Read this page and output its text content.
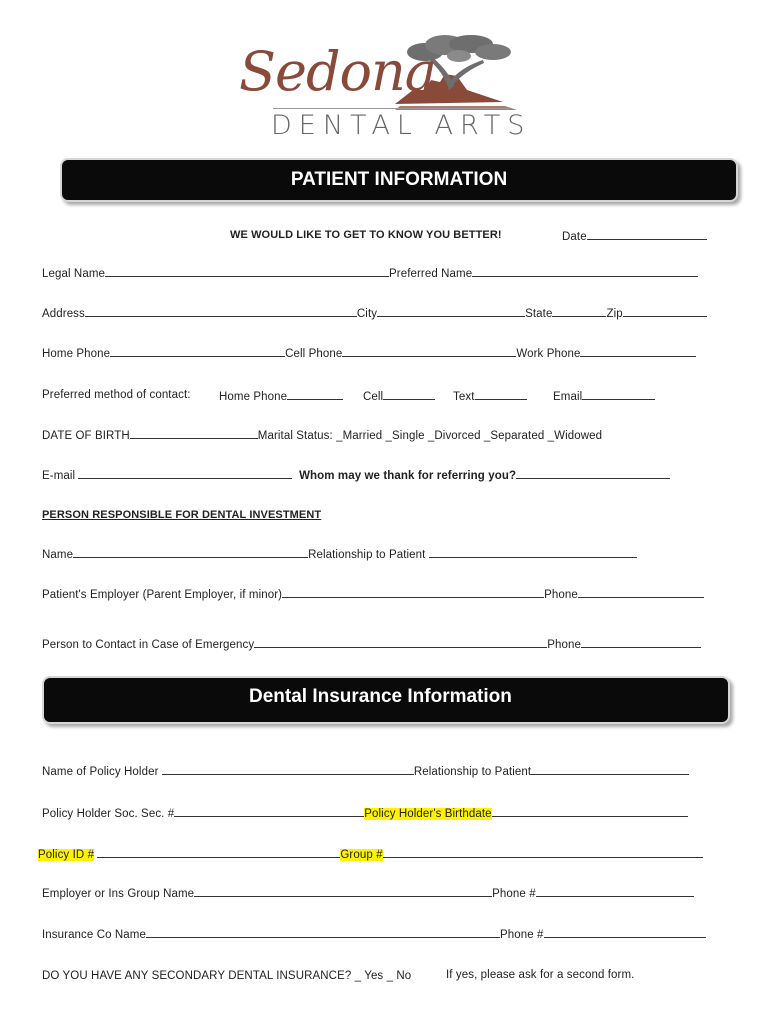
Sedona
DENTAL ARTS
PATIENT INFORMATION
WE WOULD LIKE TO GET TO KNOW YOU BETTER!	Date
Legal Name	Preferred Name
Address	City	State	Zip
Home Phone	Cell Phone	Work Phone
Preferred method of contact: Home Phone	Cell	Text	Email
DATE OF BIRTH	Marital Status: _Married _Single _Divorced _Separated _Widowed
E-mail	Whom may we thank for referring you?
PERSON RESPONSIBLE FOR DENTAL INVESTMENT
Name	Relationship to Patient
Patient's Employer (Parent Employer, if minor)	Phone
Person to Contact in Case of Emergency	Phone
Dental Insurance Information
Name of Policy Holder	Relationship to Patient
Policy Holder Soc. Sec. #	Policy Holder's Birthdate
Policy ID #	Group #
Employer or Ins Group Name	Phone #
Insurance Co Name	Phone #
DO YOU HAVE ANY SECONDARY DENTAL INSURANCE? _ Yes _ No	If yes, please ask for a second form.
